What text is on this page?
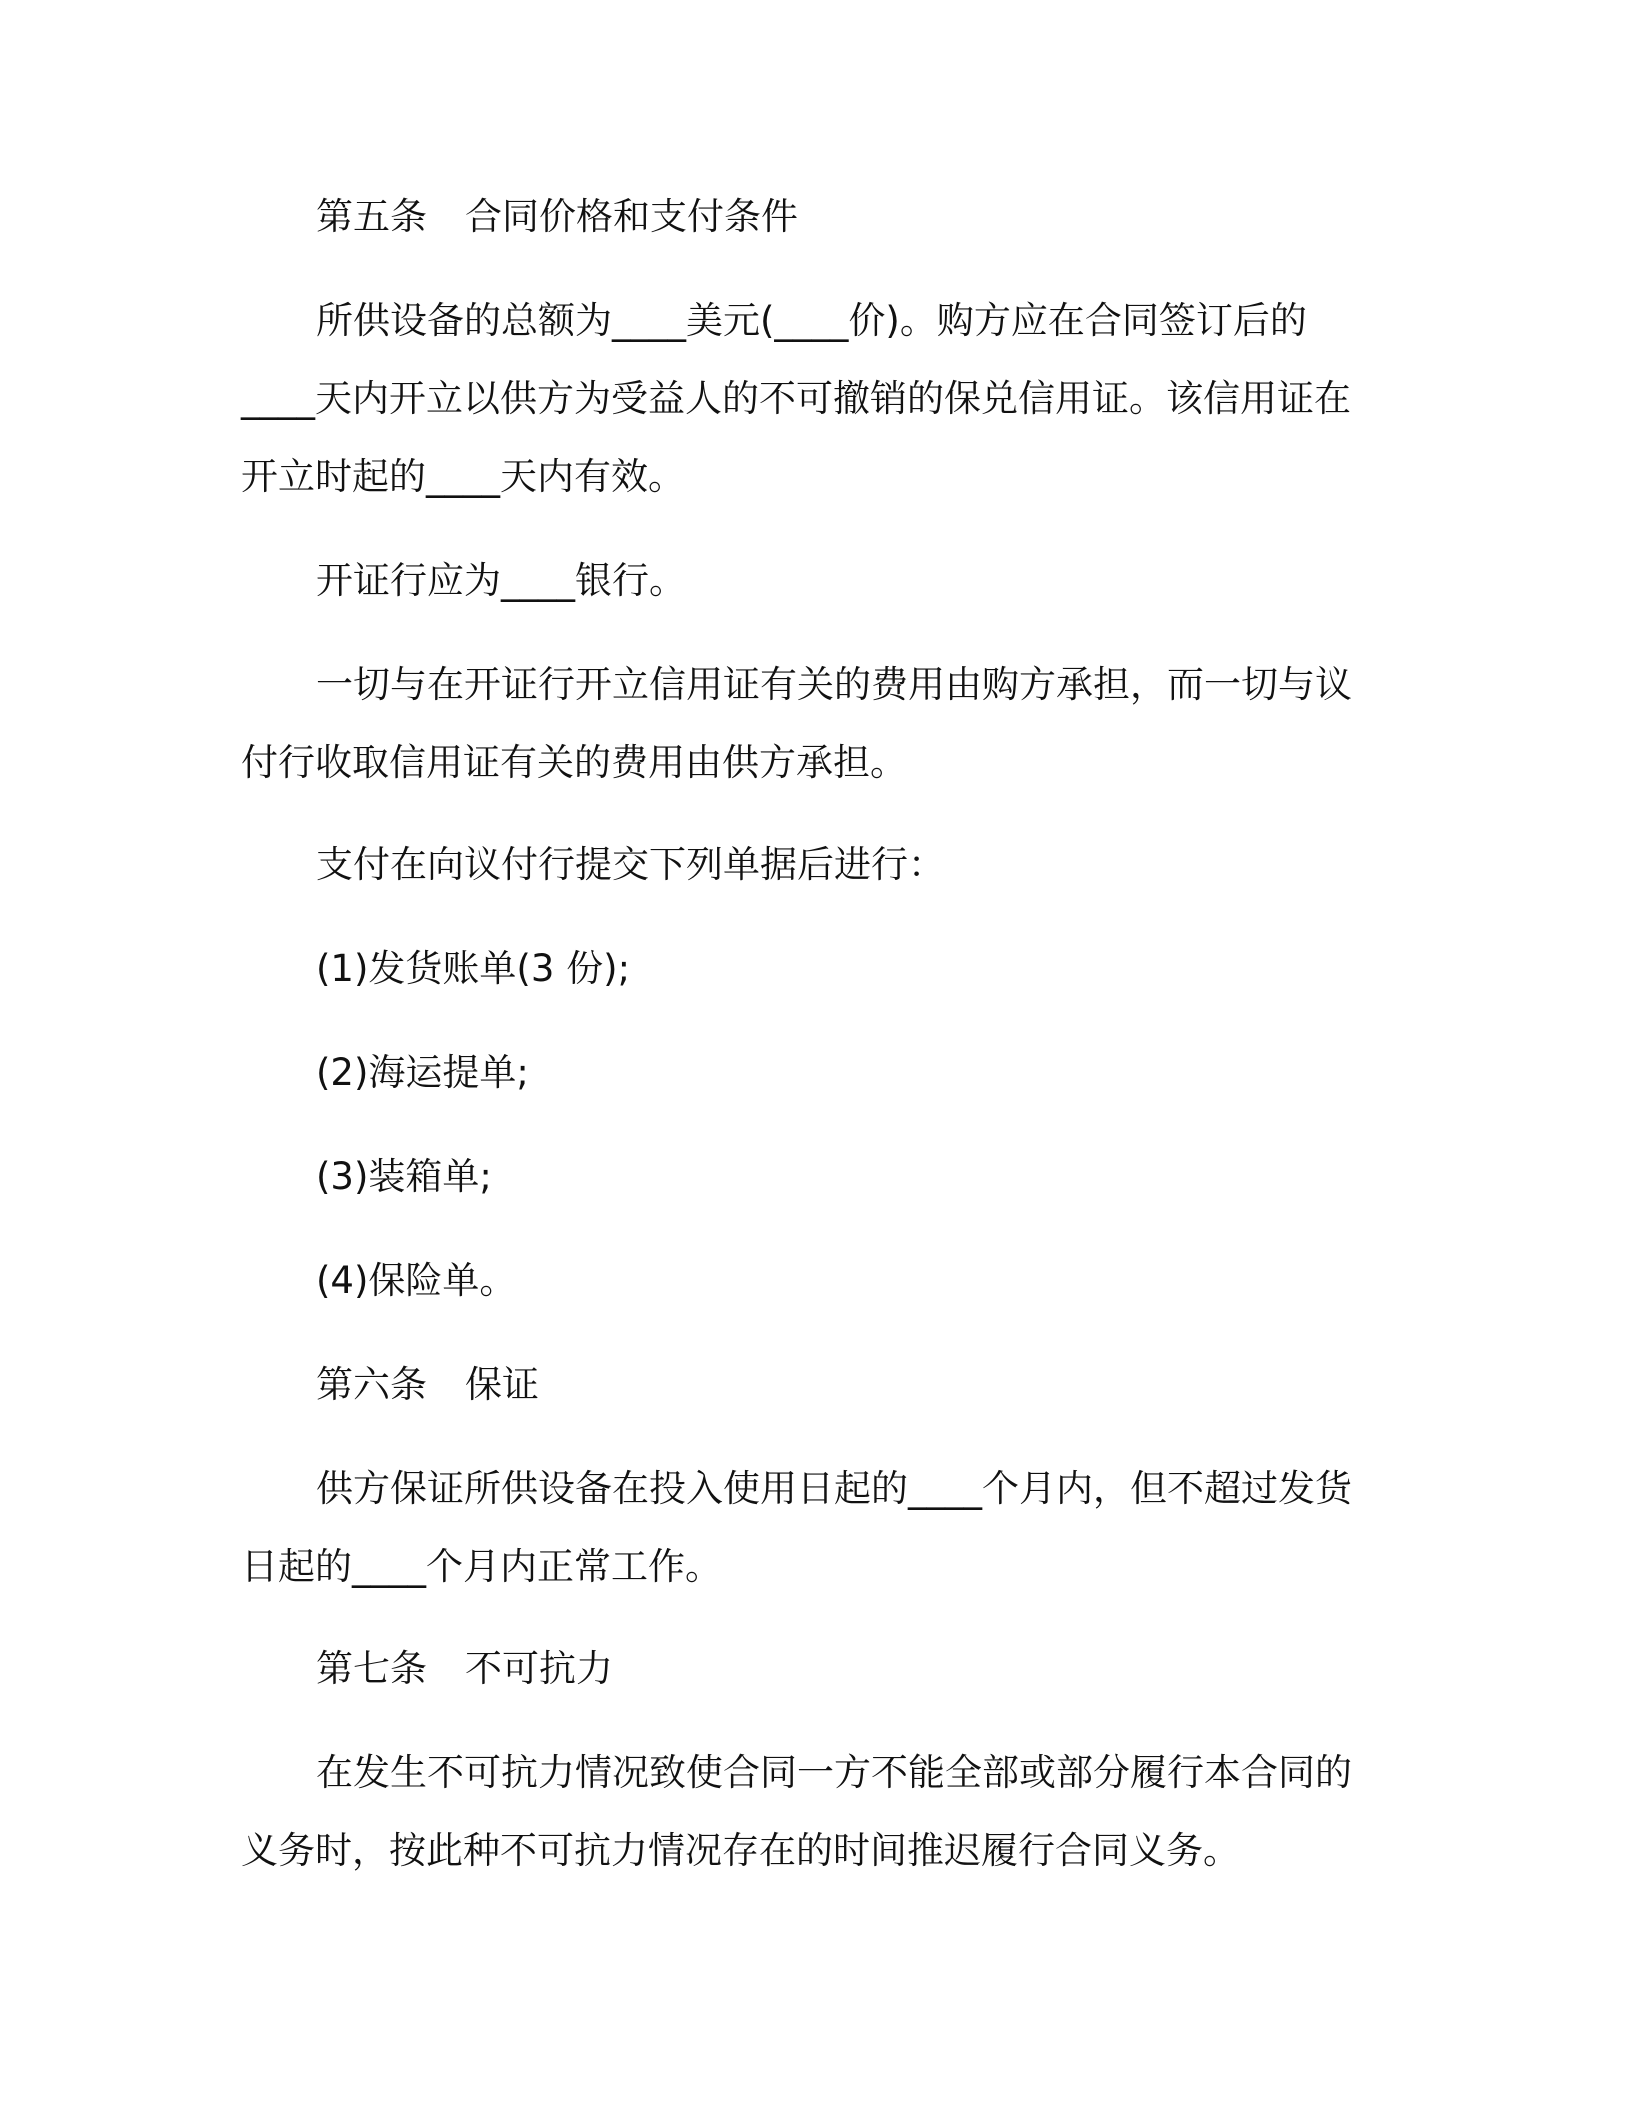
第五条 合同价格和支付条件

所供设备的总额为____美元(____价)。购方应在合同签订后的
____天内开立以供方为受益人的不可撤销的保兑信用证。该信用证在
开立时起的____天内有效。

开证行应为____银行。

一切与在开证行开立信用证有关的费用由购方承担，而一切与议
付行收取信用证有关的费用由供方承担。

支付在向议付行提交下列单据后进行：

(1)发货账单(3 份);

(2)海运提单;

(3)装箱单;

(4)保险单。

第六条 保证

供方保证所供设备在投入使用日起的____个月内，但不超过发货
日起的____个月内正常工作。

第七条 不可抗力

在发生不可抗力情况致使合同一方不能全部或部分履行本合同的
义务时，按此种不可抗力情况存在的时间推迟履行合同义务。
